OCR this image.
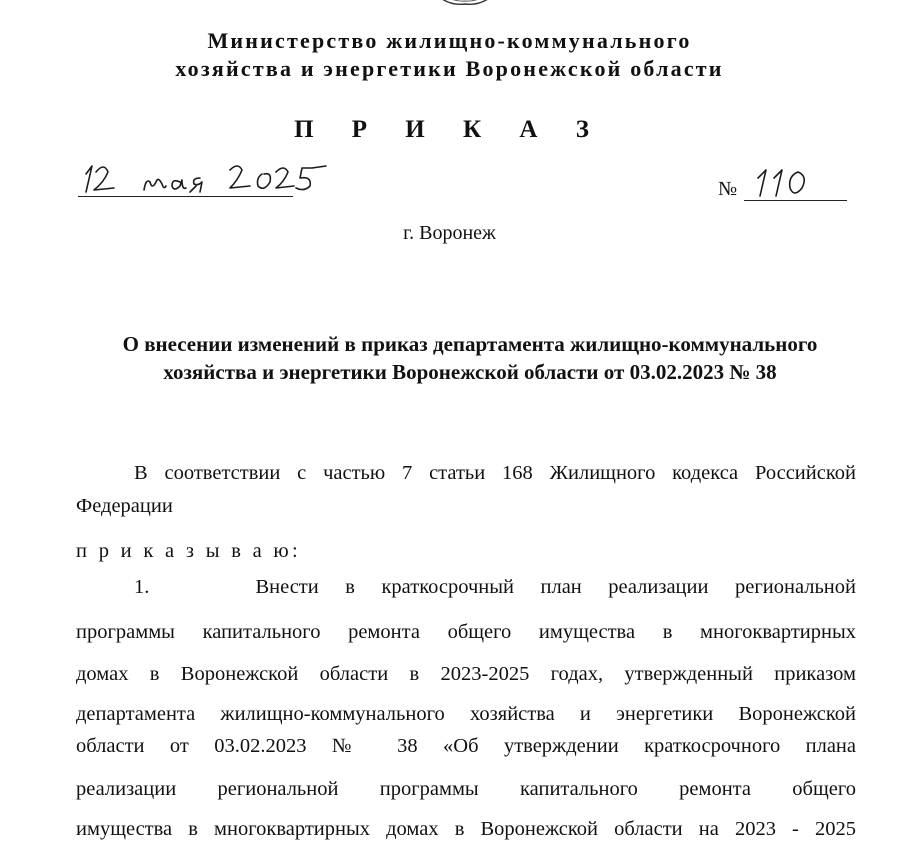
Министерство жилищно-коммунального
хозяйства и энергетики Воронежской области
П Р И К А З
№
г. Воронеж
О внесении изменений в приказ департамента жилищно-коммунального
хозяйства и энергетики Воронежской области от 03.02.2023 № 38
В соответствии с частью 7 статьи 168 Жилищного кодекса Российской
Федерации
п р и к а з ы в а ю:
1.    Внести в краткосрочный план реализации региональной
программы капитального ремонта общего имущества в многоквартирных
домах в Воронежской области в 2023-2025 годах, утвержденный приказом
департамента жилищно-коммунального хозяйства и энергетики Воронежской
области от 03.02.2023 № 38 «Об утверждении краткосрочного плана
реализации региональной программы капитального ремонта общего
имущества в многоквартирных домах в Воронежской области на 2023 - 2025
